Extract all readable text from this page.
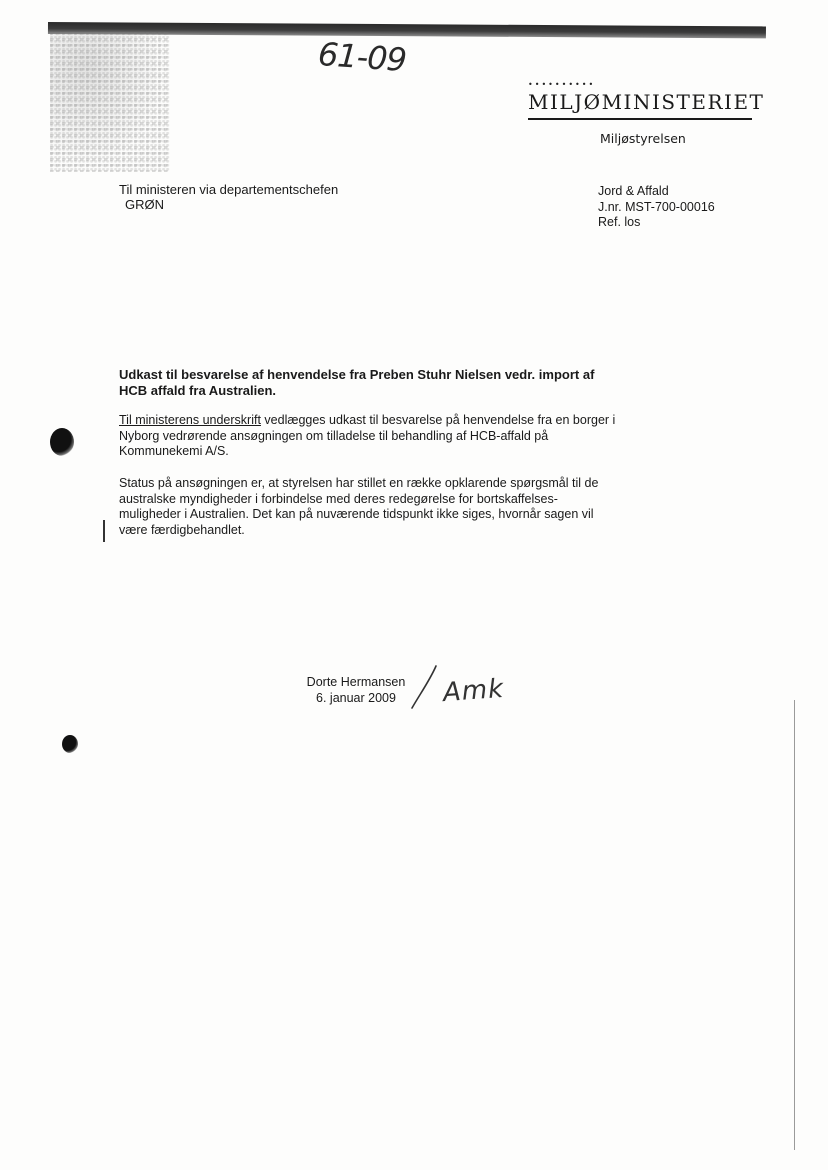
61-09
••••••••••
MILJØMINISTERIET
Miljøstyrelsen
Til ministeren via departementschefen
GRØN
Jord & Affald
J.nr. MST-700-00016
Ref. los
Udkast til besvarelse af henvendelse fra Preben Stuhr Nielsen vedr. import af HCB affald fra Australien.
Til ministerens underskrift vedlægges udkast til besvarelse på henvendelse fra en borger i Nyborg vedrørende ansøgningen om tilladelse til behandling af HCB-affald på Kommunekemi A/S.
Status på ansøgningen er, at styrelsen har stillet en række opklarende spørgsmål til de australske myndigheder i forbindelse med deres redegørelse for bortskaffelses-muligheder i Australien. Det kan på nuværende tidspunkt ikke siges, hvornår sagen vil være færdigbehandlet.
Dorte Hermansen
6. januar 2009	Amk
